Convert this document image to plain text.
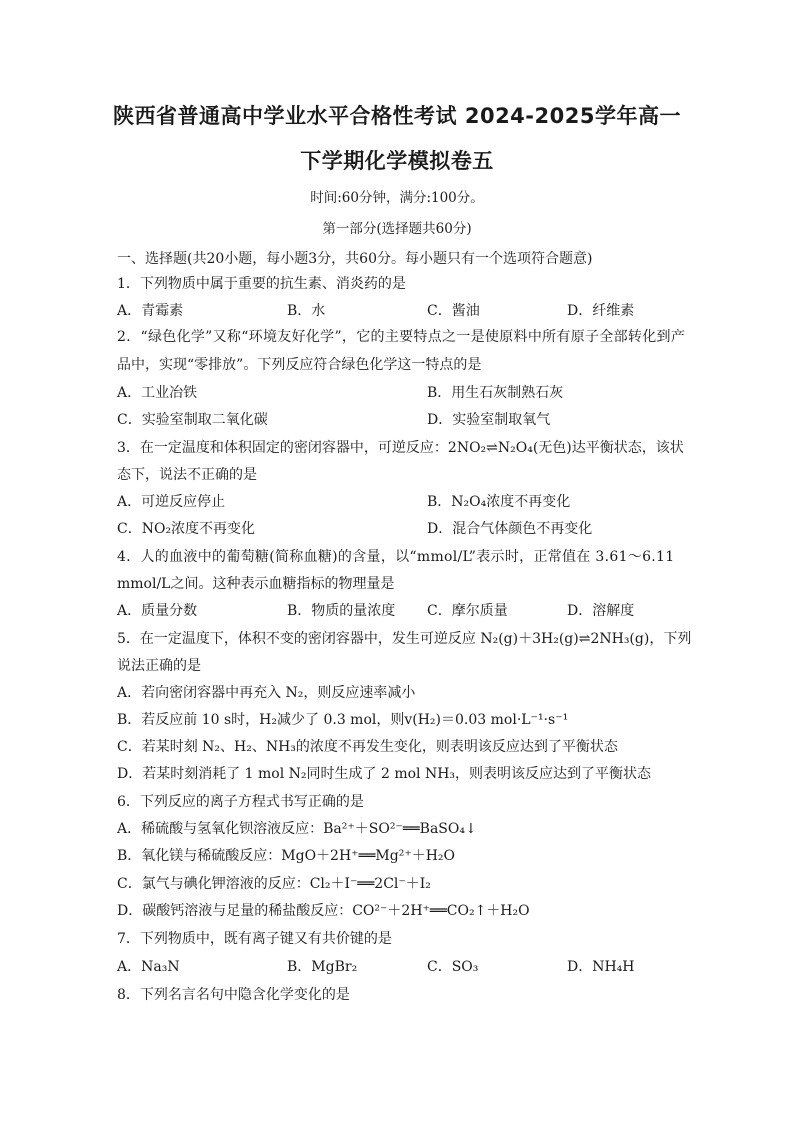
陕西省普通高中学业水平合格性考试 2024-2025学年高一
下学期化学模拟卷五
时间:60分钟，满分:100分。
第一部分(选择题共60分)
一、选择题(共20小题，每小题3分，共60分。每小题只有一个选项符合题意)
1．下列物质中属于重要的抗生素、消炎药的是
A．青霉素	B．水	C．酱油	D．纤维素
2．“绿色化学”又称“环境友好化学”，它的主要特点之一是使原料中所有原子全部转化到产
品中，实现“零排放”。下列反应符合绿色化学这一特点的是
A．工业冶铁	B．用生石灰制熟石灰
C．实验室制取二氧化碳	D．实验室制取氧气
3．在一定温度和体积固定的密闭容器中，可逆反应：2NO₂⇌N₂O₄(无色)达平衡状态，该状
态下，说法不正确的是
A．可逆反应停止	B．N₂O₄浓度不再变化
C．NO₂浓度不再变化	D．混合气体颜色不再变化
4．人的血液中的葡萄糖(简称血糖)的含量，以“mmol/L”表示时，正常值在 3.61～6.11
mmol/L之间。这种表示血糖指标的物理量是
A．质量分数	B．物质的量浓度 C．摩尔质量	D．溶解度
5．在一定温度下，体积不变的密闭容器中，发生可逆反应 N₂(g)＋3H₂(g)⇌2NH₃(g)，下列
说法正确的是
A．若向密闭容器中再充入 N₂，则反应速率减小
B．若反应前 10 s时，H₂减少了 0.3 mol，则v(H₂)＝0.03 mol·L⁻¹·s⁻¹
C．若某时刻 N₂、H₂、NH₃的浓度不再发生变化，则表明该反应达到了平衡状态
D．若某时刻消耗了 1 mol N₂同时生成了 2 mol NH₃，则表明该反应达到了平衡状态
6．下列反应的离子方程式书写正确的是
A．稀硫酸与氢氧化钡溶液反应：Ba²⁺＋SO²⁻══BaSO₄↓
B．氧化镁与稀硫酸反应：MgO＋2H⁺══Mg²⁺＋H₂O
C．氯气与碘化钾溶液的反应：Cl₂＋I⁻══2Cl⁻＋I₂
D．碳酸钙溶液与足量的稀盐酸反应：CO²⁻＋2H⁺══CO₂↑＋H₂O
7．下列物质中，既有离子键又有共价键的是
A．Na₃N	B．MgBr₂	C．SO₃	D．NH₄H
8．下列名言名句中隐含化学变化的是
